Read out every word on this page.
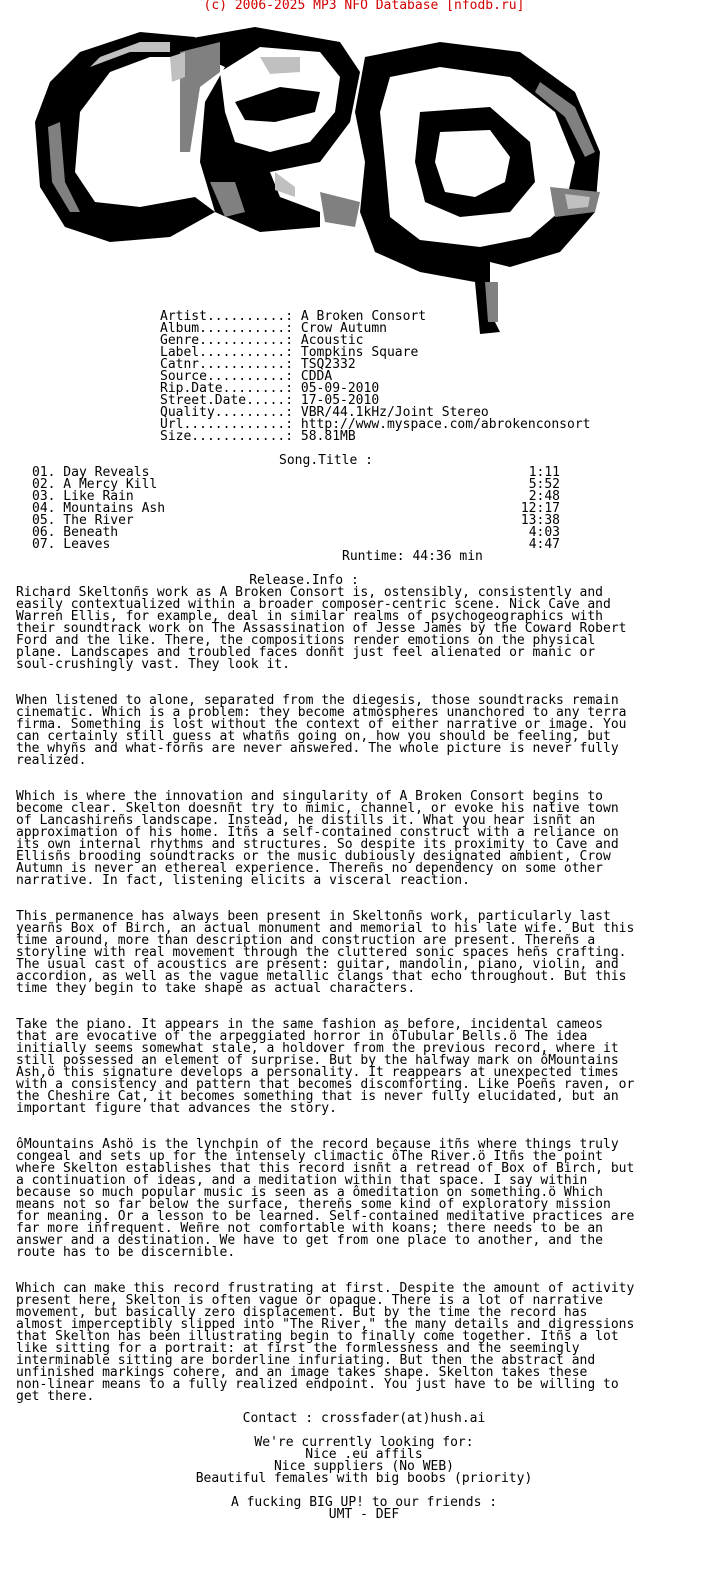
(c) 2006-2025 MP3 NFO Database [nfodb.ru]
Artist..........: A Broken Consort
Album...........: Crow Autumn
Genre...........: Acoustic
Label...........: Tompkins Square
Catnr...........: TSQ2332
Source..........: CDDA
Rip.Date........: 05-09-2010
Street.Date.....: 17-05-2010
Quality.........: VBR/44.1kHz/Joint Stereo
Url.............: http://www.myspace.com/abrokenconsort
Size............: 58.81MB
Song.Title :
01. Day Reveals	1:11
02. A Mercy Kill	5:52
03. Like Rain	2:48
04. Mountains Ash	12:17
05. The River	13:38
06. Beneath	4:03
07. Leaves	4:47
Runtime: 44:36 min
Release.Info :
Richard Skeltonñs work as A Broken Consort is, ostensibly, consistently and
easily contextualized within a broader composer-centric scene. Nick Cave and
Warren Ellis, for example, deal in similar realms of psychogeographics with
their soundtrack work on The Assassination of Jesse James by the Coward Robert
Ford and the like. There, the compositions render emotions on the physical
plane. Landscapes and troubled faces donñt just feel alienated or manic or
soul-crushingly vast. They look it.
When listened to alone, separated from the diegesis, those soundtracks remain
cinematic. Which is a problem: they become atmospheres unanchored to any terra
firma. Something is lost without the context of either narrative or image. You
can certainly still guess at whatñs going on, how you should be feeling, but
the whyñs and what-forñs are never answered. The whole picture is never fully
realized.
Which is where the innovation and singularity of A Broken Consort begins to
become clear. Skelton doesnñt try to mimic, channel, or evoke his native town
of Lancashireñs landscape. Instead, he distills it. What you hear isnñt an
approximation of his home. Itñs a self-contained construct with a reliance on
its own internal rhythms and structures. So despite its proximity to Cave and
Ellisñs brooding soundtracks or the music dubiously designated ambient, Crow
Autumn is never an ethereal experience. Thereñs no dependency on some other
narrative. In fact, listening elicits a visceral reaction.
This permanence has always been present in Skeltonñs work, particularly last
yearñs Box of Birch, an actual monument and memorial to his late wife. But this
time around, more than description and construction are present. Thereñs a
storyline with real movement through the cluttered sonic spaces heñs crafting.
The usual cast of acoustics are present: guitar, mandolin, piano, violin, and
accordion, as well as the vague metallic clangs that echo throughout. But this
time they begin to take shape as actual characters.
Take the piano. It appears in the same fashion as before, incidental cameos
that are evocative of the arpeggiated horror in ôTubular Bells.ö The idea
initially seems somewhat stale, a holdover from the previous record, where it
still possessed an element of surprise. But by the halfway mark on ôMountains
Ash,ö this signature develops a personality. It reappears at unexpected times
with a consistency and pattern that becomes discomforting. Like Poeñs raven, or
the Cheshire Cat, it becomes something that is never fully elucidated, but an
important figure that advances the story.
ôMountains Ashö is the lynchpin of the record because itñs where things truly
congeal and sets up for the intensely climactic ôThe River.ö Itñs the point
where Skelton establishes that this record isnñt a retread of Box of Birch, but
a continuation of ideas, and a meditation within that space. I say within
because so much popular music is seen as a ômeditation on something.ö Which
means not so far below the surface, thereñs some kind of exploratory mission
for meaning. Or a lesson to be learned. Self-contained meditative practices are
far more infrequent. Weñre not comfortable with koans; there needs to be an
answer and a destination. We have to get from one place to another, and the
route has to be discernible.
Which can make this record frustrating at first. Despite the amount of activity
present here, Skelton is often vague or opaque. There is a lot of narrative
movement, but basically zero displacement. But by the time the record has
almost imperceptibly slipped into "The River," the many details and digressions
that Skelton has been illustrating begin to finally come together. Itñs a lot
like sitting for a portrait: at first the formlessness and the seemingly
interminable sitting are borderline infuriating. But then the abstract and
unfinished markings cohere, and an image takes shape. Skelton takes these
non-linear means to a fully realized endpoint. You just have to be willing to
get there.
Contact : crossfader(at)hush.ai
We're currently looking for:
Nice .eu affils
Nice suppliers (No WEB)
Beautiful females with big boobs (priority)
A fucking BIG UP! to our friends :
UMT - DEF
